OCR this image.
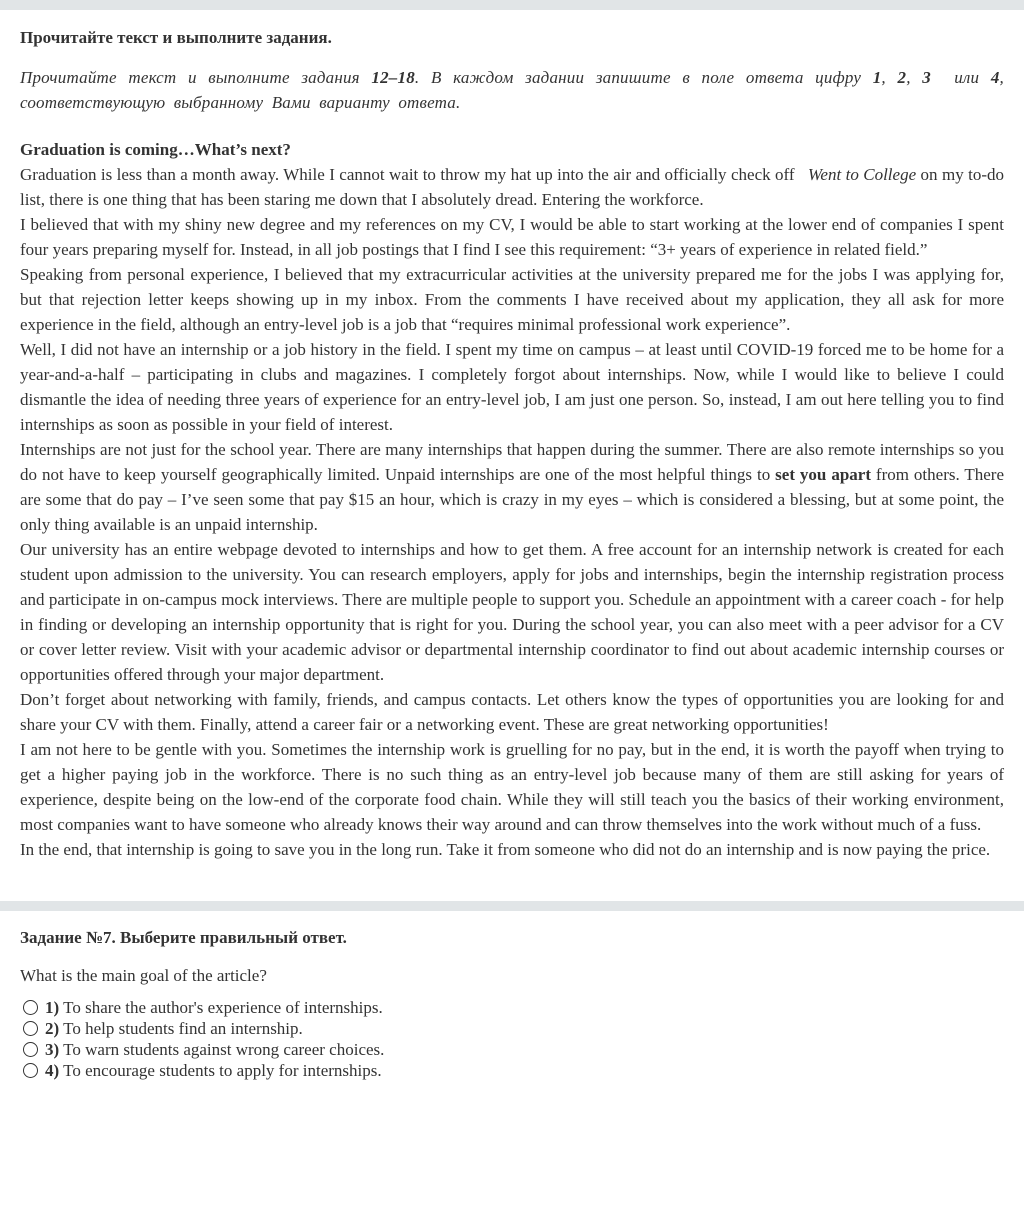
Прочитайте текст и выполните задания.

Прочитайте текст и выполните задания 12–18. В каждом задании запишите в поле ответа цифру 1, 2, 3  или 4, соответствующую выбранному Вами варианту ответа.

Graduation is coming…What’s next?

Graduation is less than a month away. While I cannot wait to throw my hat up into the air and officially check off   Went to College on my to-do list, there is one thing that has been staring me down that I absolutely dread. Entering the workforce.

I believed that with my shiny new degree and my references on my CV, I would be able to start working at the lower end of companies I spent four years preparing myself for. Instead, in all job postings that I find I see this requirement: “3+ years of experience in related field.”

Speaking from personal experience, I believed that my extracurricular activities at the university prepared me for the jobs I was applying for, but that rejection letter keeps showing up in my inbox. From the comments I have received about my application, they all ask for more experience in the field, although an entry-level job is a job that “requires minimal professional work experience”.

Well, I did not have an internship or a job history in the field. I spent my time on campus – at least until COVID-19 forced me to be home for a year-and-a-half – participating in clubs and magazines. I completely forgot about internships. Now, while I would like to believe I could dismantle the idea of needing three years of experience for an entry-level job, I am just one person. So, instead, I am out here telling you to find internships as soon as possible in your field of interest.

Internships are not just for the school year. There are many internships that happen during the summer. There are also remote internships so you do not have to keep yourself geographically limited. Unpaid internships are one of the most helpful things to set you apart from others. There are some that do pay – I’ve seen some that pay $15 an hour, which is crazy in my eyes – which is considered a blessing, but at some point, the only thing available is an unpaid internship.

Our university has an entire webpage devoted to internships and how to get them. A free account for an internship network is created for each student upon admission to the university. You can research employers, apply for jobs and internships, begin the internship registration process and participate in on-campus mock interviews. There are multiple people to support you. Schedule an appointment with a career coach - for help in finding or developing an internship opportunity that is right for you. During the school year, you can also meet with a peer advisor for a CV or cover letter review. Visit with your academic advisor or departmental internship coordinator to find out about academic internship courses or opportunities offered through your major department.

Don’t forget about networking with family, friends, and campus contacts. Let others know the types of opportunities you are looking for and share your CV with them. Finally, attend a career fair or a networking event. These are great networking opportunities!

I am not here to be gentle with you. Sometimes the internship work is gruelling for no pay, but in the end, it is worth the payoff when trying to get a higher paying job in the workforce. There is no such thing as an entry-level job because many of them are still asking for years of experience, despite being on the low-end of the corporate food chain. While they will still teach you the basics of their working environment, most companies want to have someone who already knows their way around and can throw themselves into the work without much of a fuss.

In the end, that internship is going to save you in the long run. Take it from someone who did not do an internship and is now paying the price.

Задание №7. Выберите правильный ответ.

What is the main goal of the article?

1) To share the author's experience of internships.
2) To help students find an internship.
3) To warn students against wrong career choices.
4) To encourage students to apply for internships.
